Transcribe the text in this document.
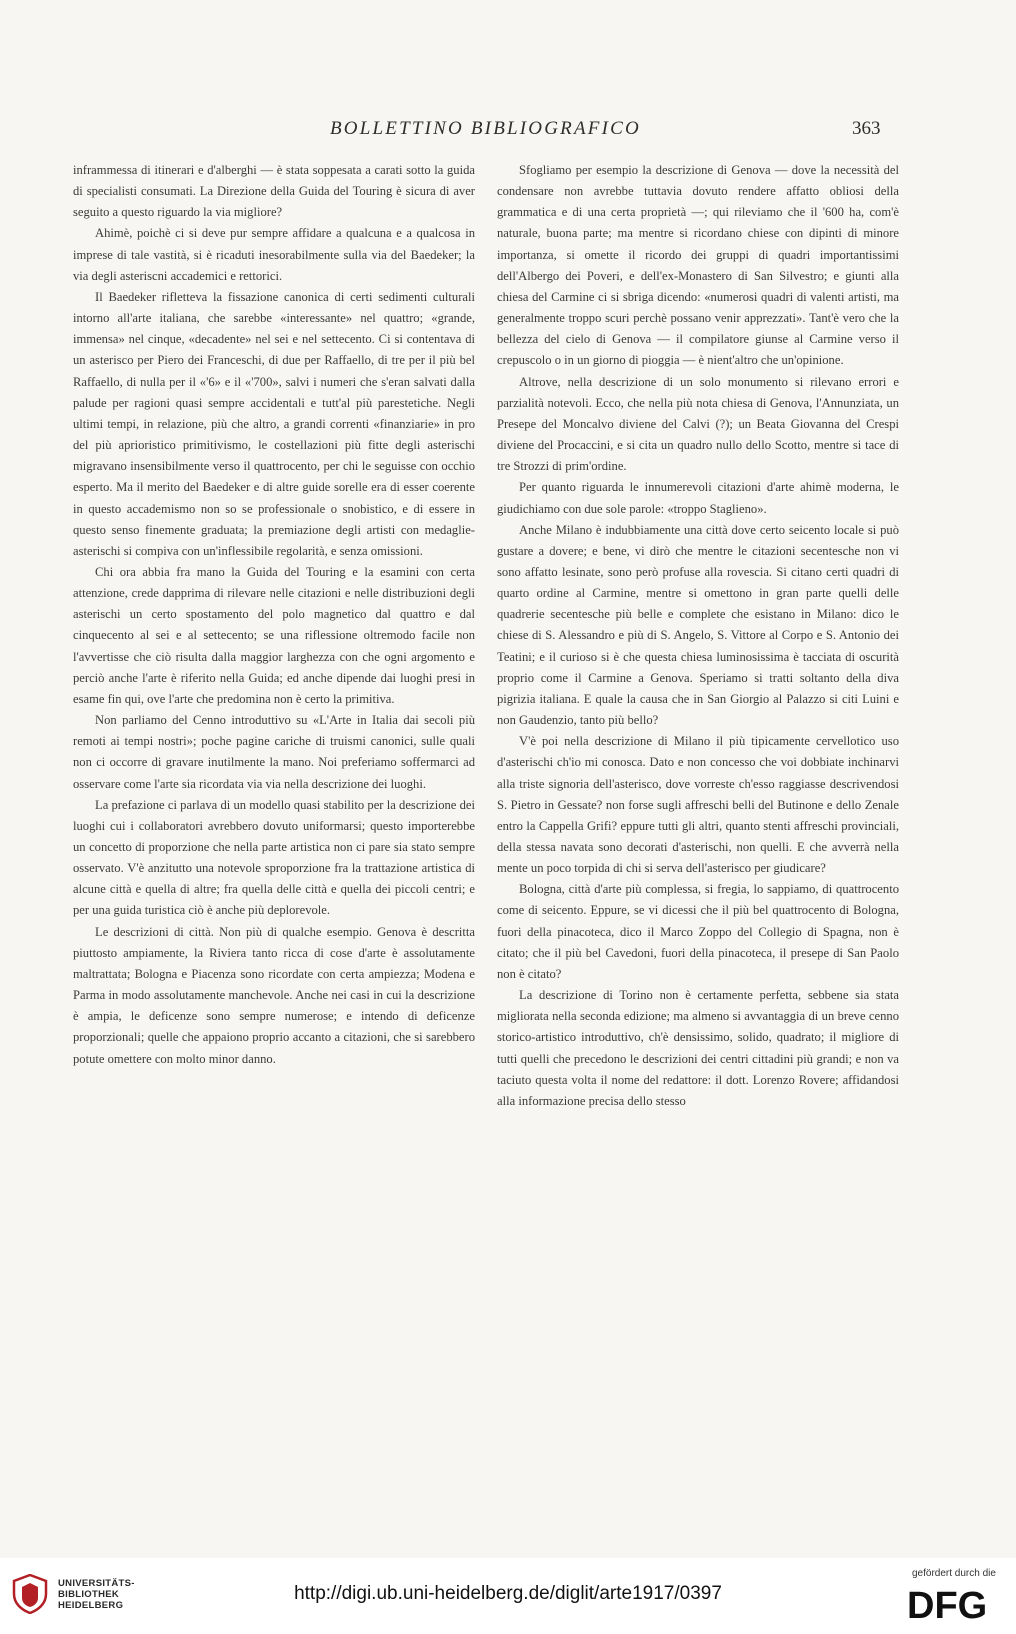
BOLLETTINO BIBLIOGRAFICO	363

inframmessa di itinerari e d'alberghi — è stata soppesata a carati sotto la guida di specialisti consumati. La Direzione della Guida del Touring è sicura di aver seguito a questo riguardo la via migliore?

Ahimè, poichè ci si deve pur sempre affidare a qualcuna e a qualcosa in imprese di tale vastità, si è ricaduti inesorabilmente sulla via del Baedeker; la via degli asteriscni accademici e rettorici.

Il Baedeker rifletteva la fissazione canonica di certi sedimenti culturali intorno all'arte italiana, che sarebbe «interessante» nel quattro; «grande, immensa» nel cinque, «decadente» nel sei e nel settecento. Ci si contentava di un asterisco per Piero dei Franceschi, di due per Raffaello, di tre per il più bel Raffaello, di nulla per il «'6» e il «'700», salvi i numeri che s'eran salvati dalla palude per ragioni quasi sempre accidentali e tutt'al più parestetiche. Negli ultimi tempi, in relazione, più che altro, a grandi correnti «finanziarie» in pro del più aprioristico primitivismo, le costellazioni più fitte degli asterischi migravano insensibilmente verso il quattrocento, per chi le seguisse con occhio esperto. Ma il merito del Baedeker e di altre guide sorelle era di esser coerente in questo accademismo non so se professionale o snobistico, e di essere in questo senso finemente graduata; la premiazione degli artisti con medaglie-asterischi si compiva con un'inflessibile regolarità, e senza omissioni.

Chi ora abbia fra mano la Guida del Touring e la esamini con certa attenzione, crede dapprima di rilevare nelle citazioni e nelle distribuzioni degli asterischi un certo spostamento del polo magnetico dal quattro e dal cinquecento al sei e al settecento; se una riflessione oltremodo facile non l'avvertisse che ciò risulta dalla maggior larghezza con che ogni argomento e perciò anche l'arte è riferito nella Guida; ed anche dipende dai luoghi presi in esame fin qui, ove l'arte che predomina non è certo la primitiva.

Non parliamo del Cenno introduttivo su «L'Arte in Italia dai secoli più remoti ai tempi nostri»; poche pagine cariche di truismi canonici, sulle quali non ci occorre di gravare inutilmente la mano. Noi preferiamo soffermarci ad osservare come l'arte sia ricordata via via nella descrizione dei luoghi.

La prefazione ci parlava di un modello quasi stabilito per la descrizione dei luoghi cui i collaboratori avrebbero dovuto uniformarsi; questo importerebbe un concetto di proporzione che nella parte artistica non ci pare sia stato sempre osservato. V'è anzitutto una notevole sproporzione fra la trattazione artistica di alcune città e quella di altre; fra quella delle città e quella dei piccoli centri; e per una guida turistica ciò è anche più deplorevole.

Le descrizioni di città. Non più di qualche esempio. Genova è descritta piuttosto ampiamente, la Riviera tanto ricca di cose d'arte è assolutamente maltrattata; Bologna e Piacenza sono ricordate con certa ampiezza; Modena e Parma in modo assolutamente manchevole. Anche nei casi in cui la descrizione è ampia, le deficenze sono sempre numerose; e intendo di deficenze proporzionali; quelle che appaiono proprio accanto a citazioni, che si sarebbero potute omettere con molto minor danno.

Sfogliamo per esempio la descrizione di Genova — dove la necessità del condensare non avrebbe tuttavia dovuto rendere affatto obliosi della grammatica e di una certa proprietà —; qui rileviamo che il '600 ha, com'è naturale, buona parte; ma mentre si ricordano chiese con dipinti di minore importanza, si omette il ricordo dei gruppi di quadri importantissimi dell'Albergo dei Poveri, e dell'ex-Monastero di San Silvestro; e giunti alla chiesa del Carmine ci si sbriga dicendo: «numerosi quadri di valenti artisti, ma generalmente troppo scuri perchè possano venir apprezzati». Tant'è vero che la bellezza del cielo di Genova — il compilatore giunse al Carmine verso il crepuscolo o in un giorno di pioggia — è nient'altro che un'opinione.

Altrove, nella descrizione di un solo monumento si rilevano errori e parzialità notevoli. Ecco, che nella più nota chiesa di Genova, l'Annunziata, un Presepe del Moncalvo diviene del Calvi (?); un Beata Giovanna del Crespi diviene del Procaccini, e si cita un quadro nullo dello Scotto, mentre si tace di tre Strozzi di prim'ordine.

Per quanto riguarda le innumerevoli citazioni d'arte ahimè moderna, le giudichiamo con due sole parole: «troppo Staglieno».

Anche Milano è indubbiamente una città dove certo seicento locale si può gustare a dovere; e bene, vi dirò che mentre le citazioni secentesche non vi sono affatto lesinate, sono però profuse alla rovescia. Si citano certi quadri di quarto ordine al Carmine, mentre si omettono in gran parte quelli delle quadrerie secentesche più belle e complete che esistano in Milano: dico le chiese di S. Alessandro e più di S. Angelo, S. Vittore al Corpo e S. Antonio dei Teatini; e il curioso si è che questa chiesa luminosissima è tacciata di oscurità proprio come il Carmine a Genova. Speriamo si tratti soltanto della diva pigrizia italiana. E quale la causa che in San Giorgio al Palazzo si citi Luini e non Gaudenzio, tanto più bello?

V'è poi nella descrizione di Milano il più tipicamente cervellotico uso d'asterischi ch'io mi conosca. Dato e non concesso che voi dobbiate inchinarvi alla triste signoria dell'asterisco, dove vorreste ch'esso raggiasse descrivendosi S. Pietro in Gessate? non forse sugli affreschi belli del Butinone e dello Zenale entro la Cappella Grifi? eppure tutti gli altri, quanto stenti affreschi provinciali, della stessa navata sono decorati d'asterischi, non quelli. E che avverrà nella mente un poco torpida di chi si serva dell'asterisco per giudicare?

Bologna, città d'arte più complessa, si fregia, lo sappiamo, di quattrocento come di seicento. Eppure, se vi dicessi che il più bel quattrocento di Bologna, fuori della pinacoteca, dico il Marco Zoppo del Collegio di Spagna, non è citato; che il più bel Cavedoni, fuori della pinacoteca, il presepe di San Paolo non è citato?

La descrizione di Torino non è certamente perfetta, sebbene sia stata migliorata nella seconda edizione; ma almeno si avvantaggia di un breve cenno storico-artistico introduttivo, ch'è densissimo, solido, quadrato; il migliore di tutti quelli che precedono le descrizioni dei centri cittadini più grandi; e non va taciuto questa volta il nome del redattore: il dott. Lorenzo Rovere; affidandosi alla informazione precisa dello stesso

UNIVERSITÄTS-
BIBLIOTHEK
HEIDELBERG
http://digi.ub.uni-heidelberg.de/diglit/arte1917/0397
gefördert durch die
DFG
